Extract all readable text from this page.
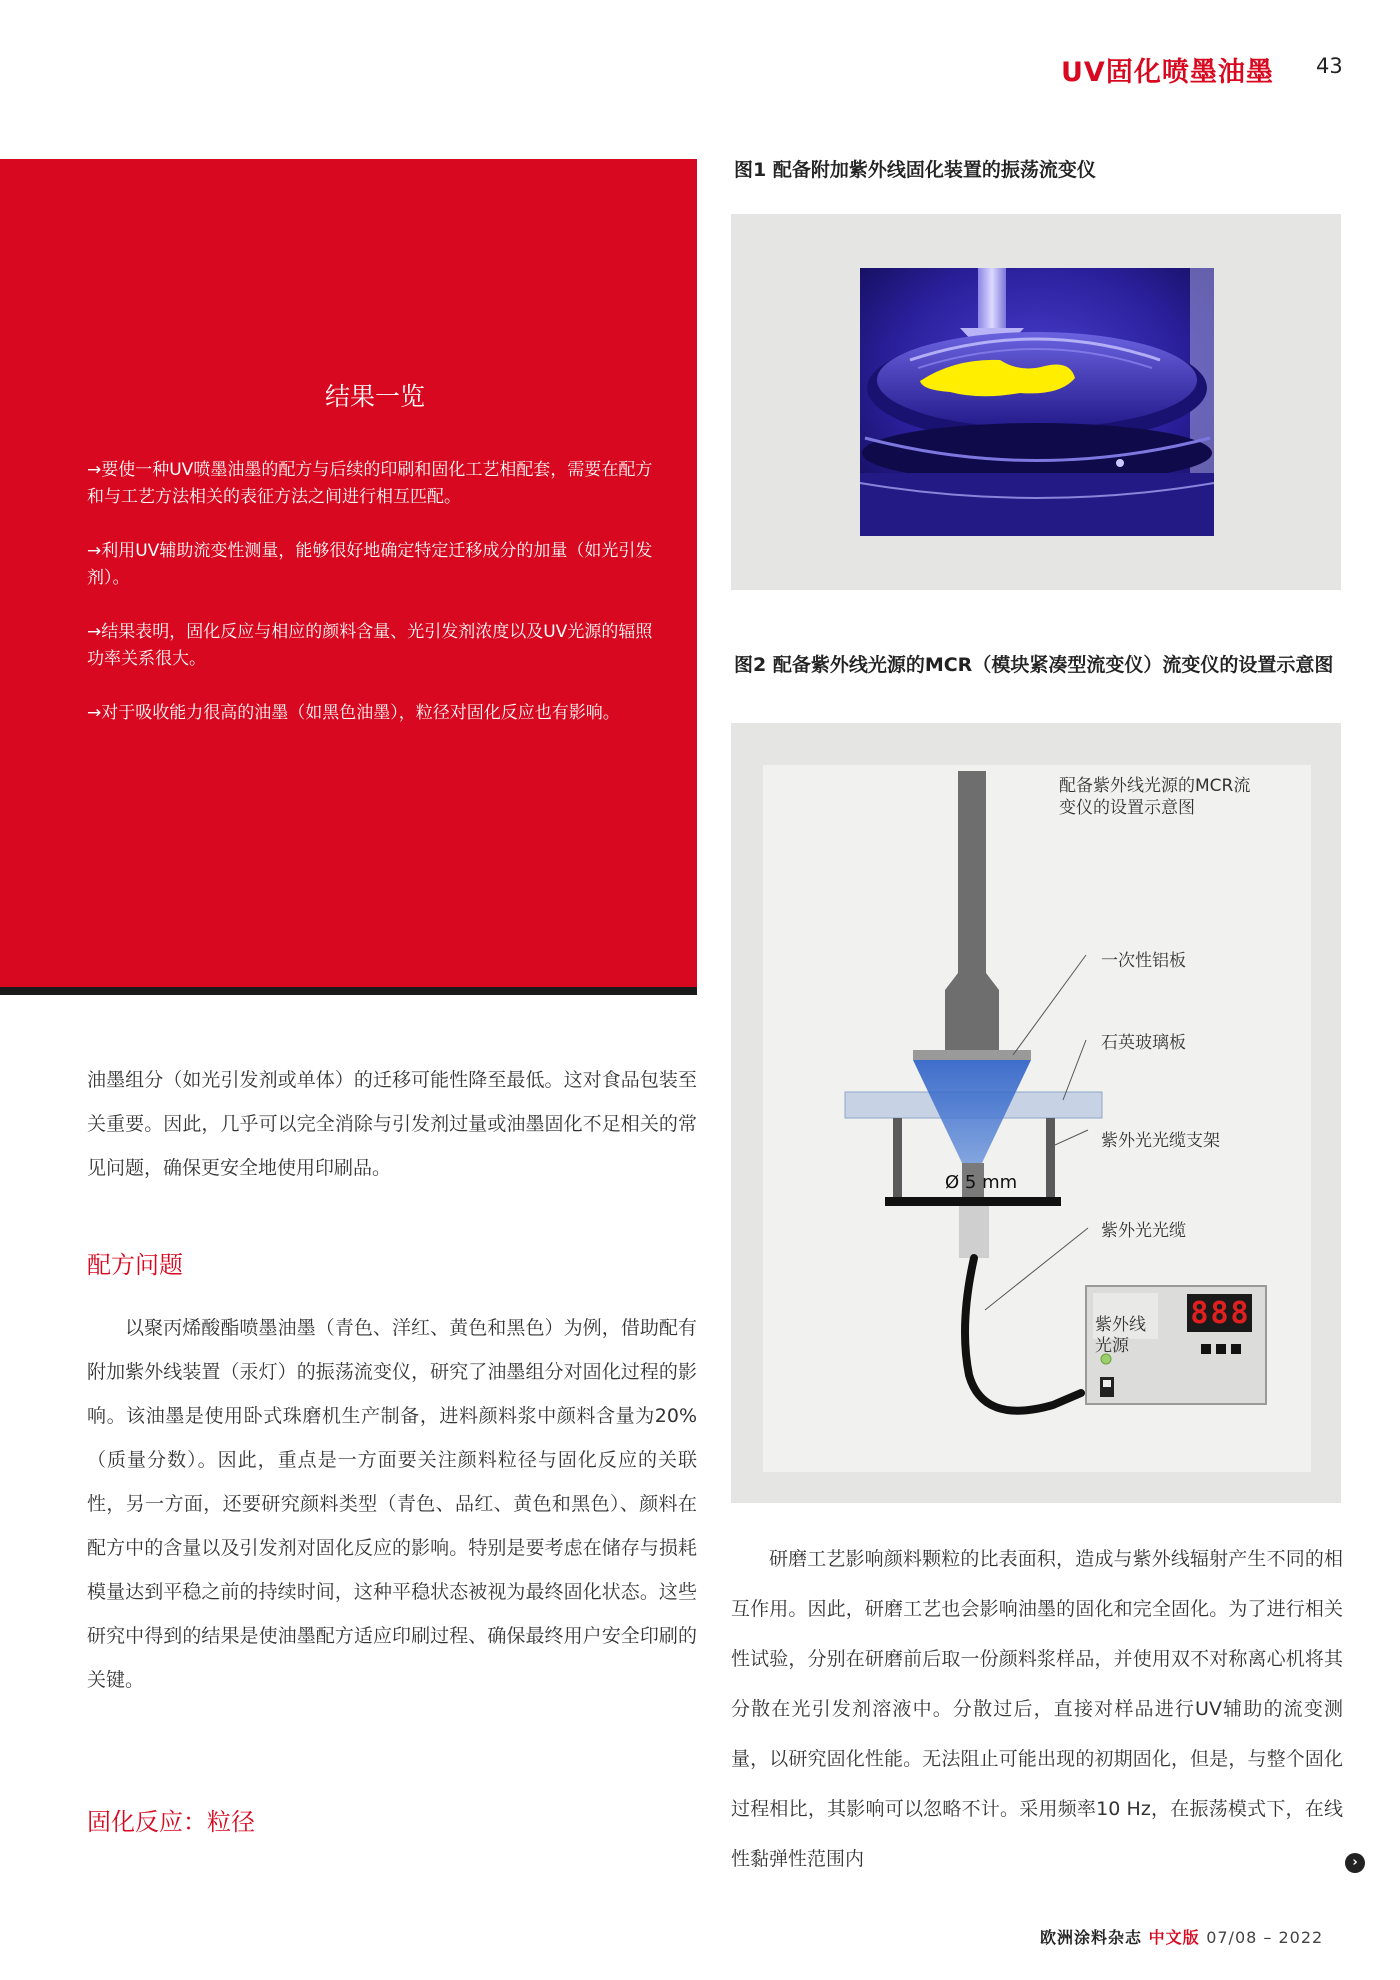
UV固化喷墨油墨 43
结果一览
→要使一种UV喷墨油墨的配方与后续的印刷和固化工艺相配套，需要在配方和与工艺方法相关的表征方法之间进行相互匹配。
→利用UV辅助流变性测量，能够很好地确定特定迁移成分的加量（如光引发剂）。
→结果表明，固化反应与相应的颜料含量、光引发剂浓度以及UV光源的辐照功率关系很大。
→对于吸收能力很高的油墨（如黑色油墨），粒径对固化反应也有影响。
图1 配备附加紫外线固化装置的振荡流变仪
图2 配备紫外线光源的MCR（模块紧凑型流变仪）流变仪的设置示意图
配备紫外线光源的MCR流
变仪的设置示意图
一次性铝板
石英玻璃板
紫外光光缆支架
紫外光光缆
Ø 5 mm
紫外线
光源
888

油墨组分（如光引发剂或单体）的迁移可能性降至最低。这对食品包装至关重要。因此，几乎可以完全消除与引发剂过量或油墨固化不足相关的常见问题，确保更安全地使用印刷品。

配方问题

以聚丙烯酸酯喷墨油墨（青色、洋红、黄色和黑色）为例，借助配有附加紫外线装置（汞灯）的振荡流变仪，研究了油墨组分对固化过程的影响。该油墨是使用卧式珠磨机生产制备，进料颜料浆中颜料含量为20%（质量分数）。因此，重点是一方面要关注颜料粒径与固化反应的关联性，另一方面，还要研究颜料类型（青色、品红、黄色和黑色）、颜料在配方中的含量以及引发剂对固化反应的影响。特别是要考虑在储存与损耗模量达到平稳之前的持续时间，这种平稳状态被视为最终固化状态。这些研究中得到的结果是使油墨配方适应印刷过程、确保最终用户安全印刷的关键。

固化反应：粒径

研磨工艺影响颜料颗粒的比表面积，造成与紫外线辐射产生不同的相互作用。因此，研磨工艺也会影响油墨的固化和完全固化。为了进行相关性试验，分别在研磨前后取一份颜料浆样品，并使用双不对称离心机将其分散在光引发剂溶液中。分散过后，直接对样品进行UV辅助的流变测量，以研究固化性能。无法阻止可能出现的初期固化，但是，与整个固化过程相比，其影响可以忽略不计。采用频率10 Hz，在振荡模式下，在线性黏弹性范围内	›
欧洲涂料杂志 中文版 07/08 – 2022
